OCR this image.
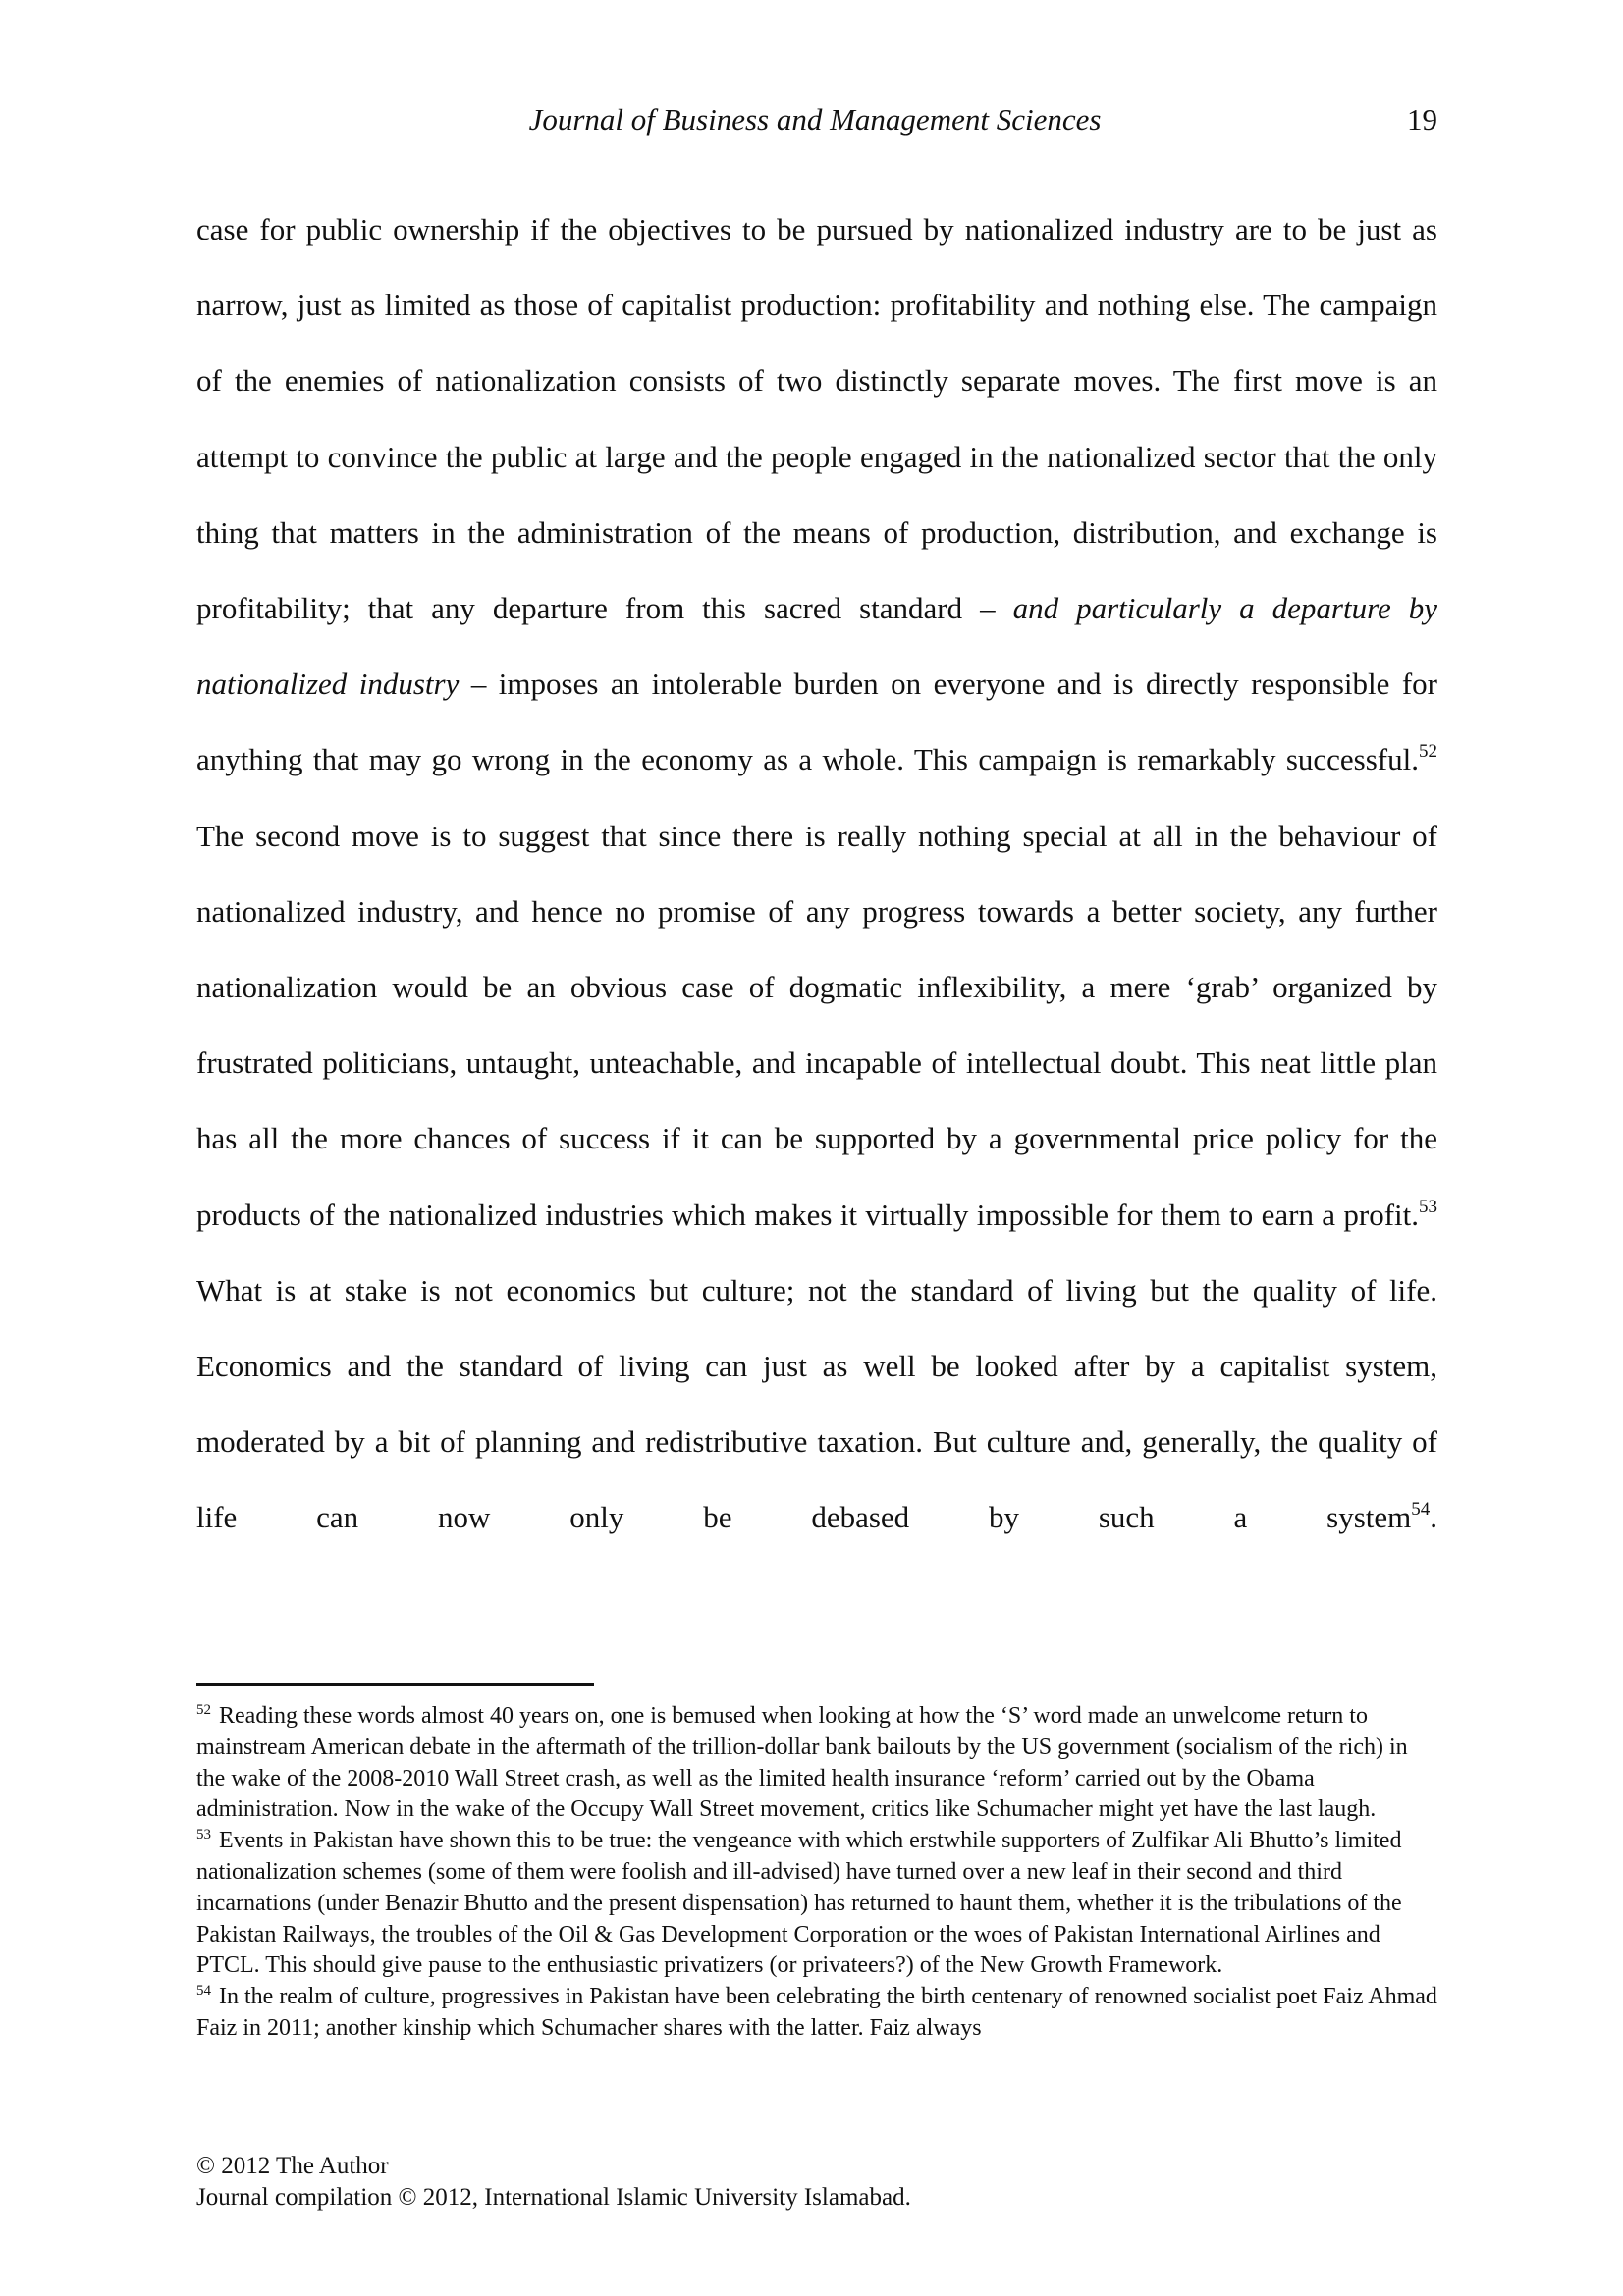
Journal of Business and Management Sciences	19

case for public ownership if the objectives to be pursued by nationalized industry are to be just as narrow, just as limited as those of capitalist production: profitability and nothing else. The campaign of the enemies of nationalization consists of two distinctly separate moves. The first move is an attempt to convince the public at large and the people engaged in the nationalized sector that the only thing that matters in the administration of the means of production, distribution, and exchange is profitability; that any departure from this sacred standard – and particularly a departure by nationalized industry – imposes an intolerable burden on everyone and is directly responsible for anything that may go wrong in the economy as a whole. This campaign is remarkably successful.$^{52}$ The second move is to suggest that since there is really nothing special at all in the behaviour of nationalized industry, and hence no promise of any progress towards a better society, any further nationalization would be an obvious case of dogmatic inflexibility, a mere ‘grab’ organized by frustrated politicians, untaught, unteachable, and incapable of intellectual doubt. This neat little plan has all the more chances of success if it can be supported by a governmental price policy for the products of the nationalized industries which makes it virtually impossible for them to earn a profit.$^{53}$ What is at stake is not economics but culture; not the standard of living but the quality of life. Economics and the standard of living can just as well be looked after by a capitalist system, moderated by a bit of planning and redistributive taxation. But culture and, generally, the quality of life can now only be debased by such a system$^{54}$.

$^{52}$ Reading these words almost 40 years on, one is bemused when looking at how the ‘S’ word made an unwelcome return to mainstream American debate in the aftermath of the trillion-dollar bank bailouts by the US government (socialism of the rich) in the wake of the 2008-2010 Wall Street crash, as well as the limited health insurance ‘reform’ carried out by the Obama administration. Now in the wake of the Occupy Wall Street movement, critics like Schumacher might yet have the last laugh.

$^{53}$ Events in Pakistan have shown this to be true: the vengeance with which erstwhile supporters of Zulfikar Ali Bhutto’s limited nationalization schemes (some of them were foolish and ill-advised) have turned over a new leaf in their second and third incarnations (under Benazir Bhutto and the present dispensation) has returned to haunt them, whether it is the tribulations of the Pakistan Railways, the troubles of the Oil & Gas Development Corporation or the woes of Pakistan International Airlines and PTCL. This should give pause to the enthusiastic privatizers (or privateers?) of the New Growth Framework.

$^{54}$ In the realm of culture, progressives in Pakistan have been celebrating the birth centenary of renowned socialist poet Faiz Ahmad Faiz in 2011; another kinship which Schumacher shares with the latter. Faiz always

© 2012 The Author
Journal compilation © 2012, International Islamic University Islamabad.
